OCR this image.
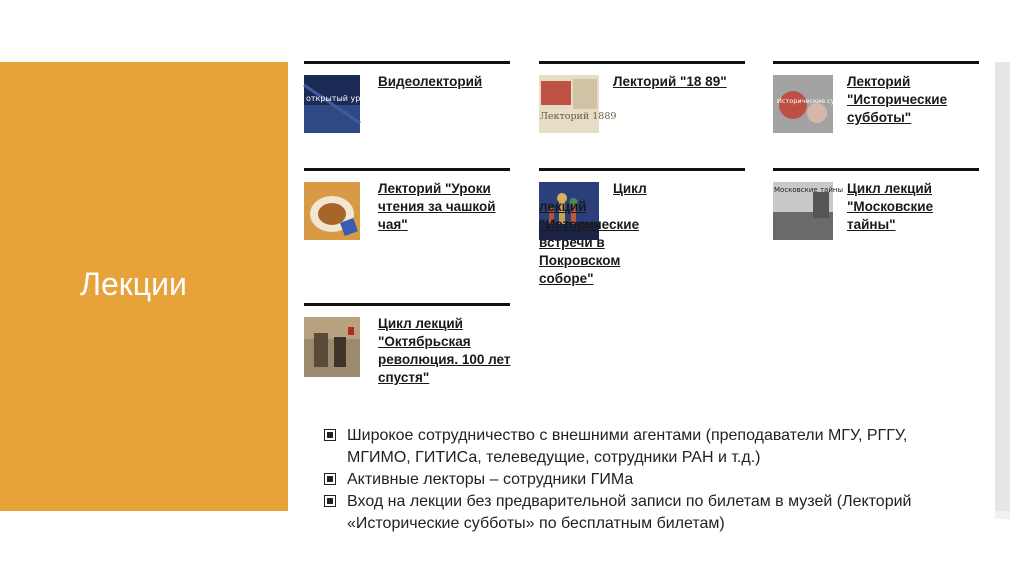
Лекции
открытый урок
Видеолекторий
Лекторий 1889
Лекторий "18 89"
Исторические субботы
Лекторий "Исторические субботы"
Лекторий "Уроки чтения за чашкой чая"
Цикл лекций "Исторические встречи в Покровском соборе"
Московские тайны Цикл лекций "Московские тайны"
Цикл лекций "Октябрьская революция. 100 лет спустя"
Широкое сотрудничество с внешними агентами (преподаватели МГУ, РГГУ, МГИМО, ГИТИСа, телеведущие, сотрудники РАН и т.д.)
Активные лекторы – сотрудники ГИМа
Вход на лекции без предварительной записи по билетам в музей (Лекторий «Исторические субботы» по бесплатным билетам)
